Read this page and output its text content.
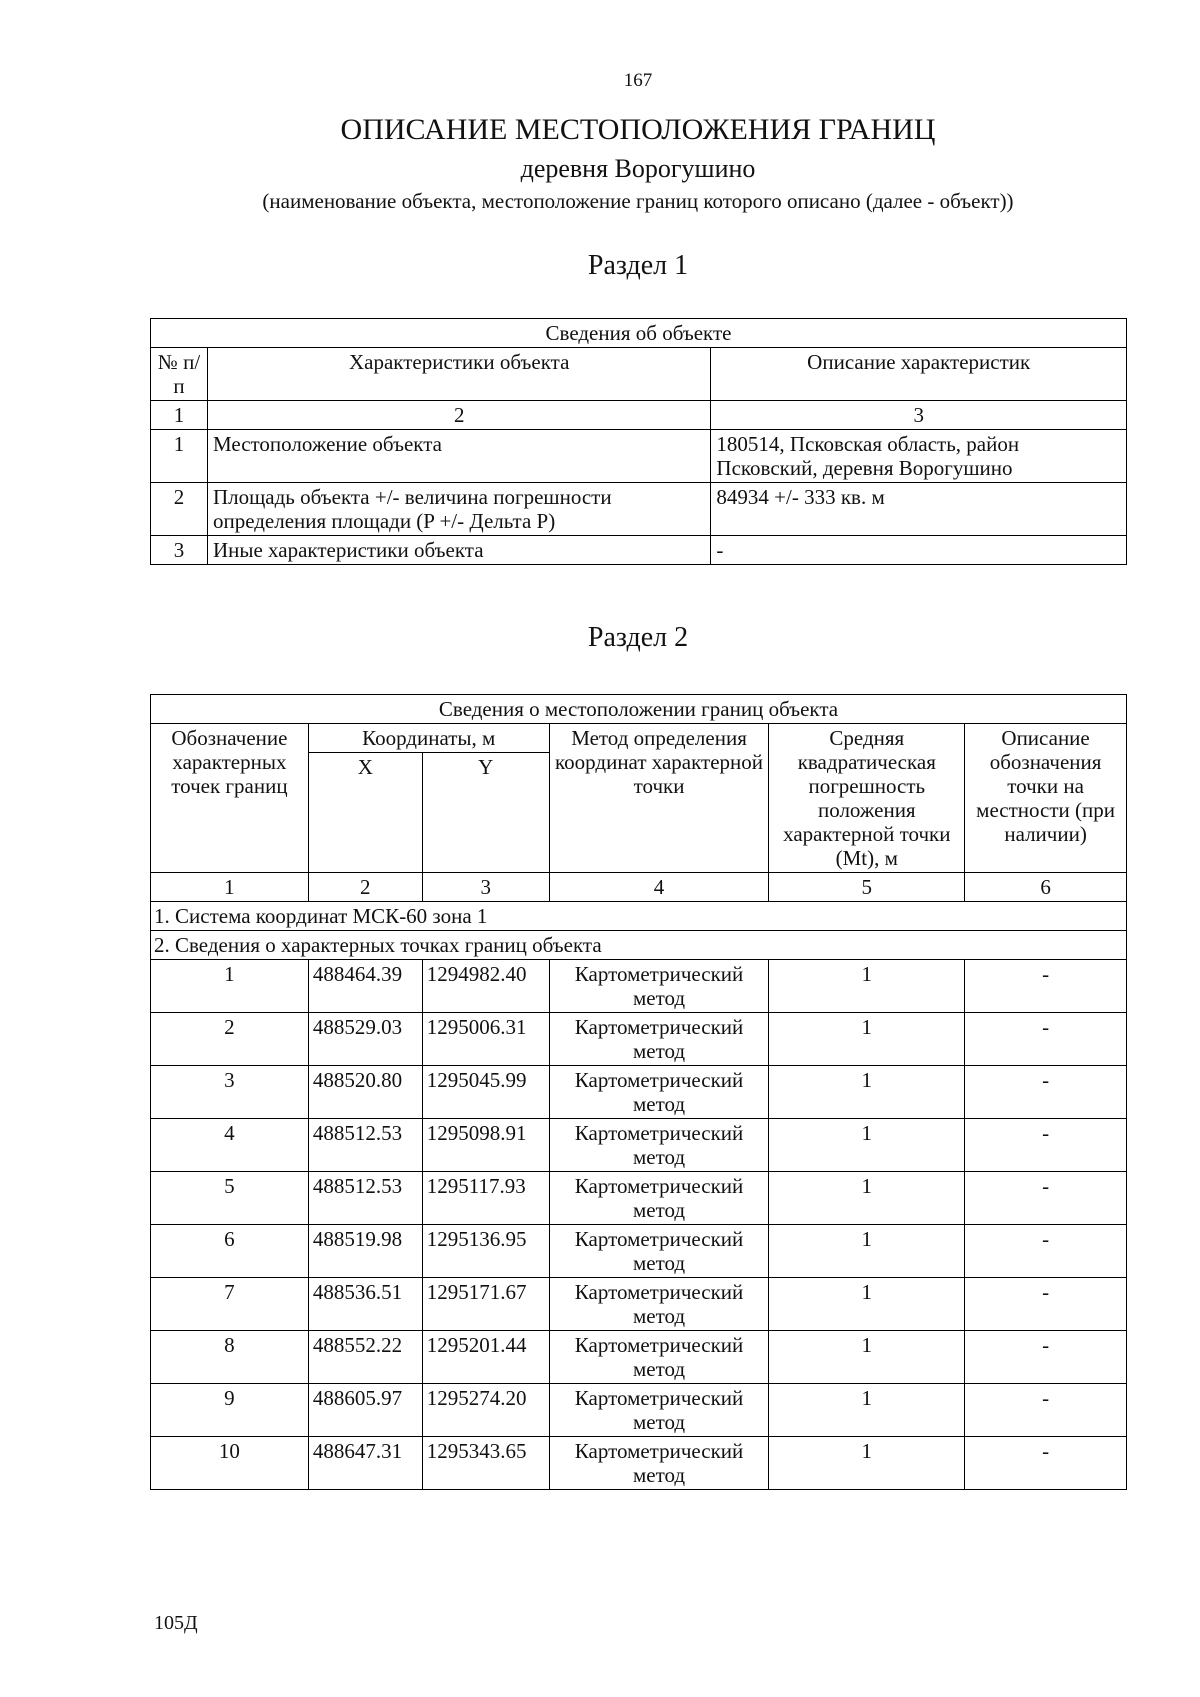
167
ОПИСАНИЕ МЕСТОПОЛОЖЕНИЯ ГРАНИЦ
деревня Ворогушино
(наименование объекта, местоположение границ которого описано (далее - объект))
Раздел 1
Сведения об объекте		
№ п/п	Характеристики объекта	Описание характеристик
1	2	3
1	Местоположение объекта	180514, Псковская область, район Псковский, деревня Ворогушино
2	Площадь объекта +/- величина погрешности определения площади (P +/- Дельта P)	84934 +/- 333 кв. м
3	Иные характеристики объекта	-
Раздел 2
Сведения о местоположении границ объекта					
Обозначение характерных точек границ	Координаты, м		Метод определения координат характерной точки	Средняя квадратическая погрешность положения характерной точки (Mt), м	Описание обозначения точки на местности (при наличии)
	X	Y			
1	2	3	4	5	6
1. Система координат МСК-60 зона 1					
2. Сведения о характерных точках границ объекта					
1	488464.39	1294982.40	Картометрический метод	1	-
2	488529.03	1295006.31	Картометрический метод	1	-
3	488520.80	1295045.99	Картометрический метод	1	-
4	488512.53	1295098.91	Картометрический метод	1	-
5	488512.53	1295117.93	Картометрический метод	1	-
6	488519.98	1295136.95	Картометрический метод	1	-
7	488536.51	1295171.67	Картометрический метод	1	-
8	488552.22	1295201.44	Картометрический метод	1	-
9	488605.97	1295274.20	Картометрический метод	1	-
10	488647.31	1295343.65	Картометрический метод	1	-
105Д
